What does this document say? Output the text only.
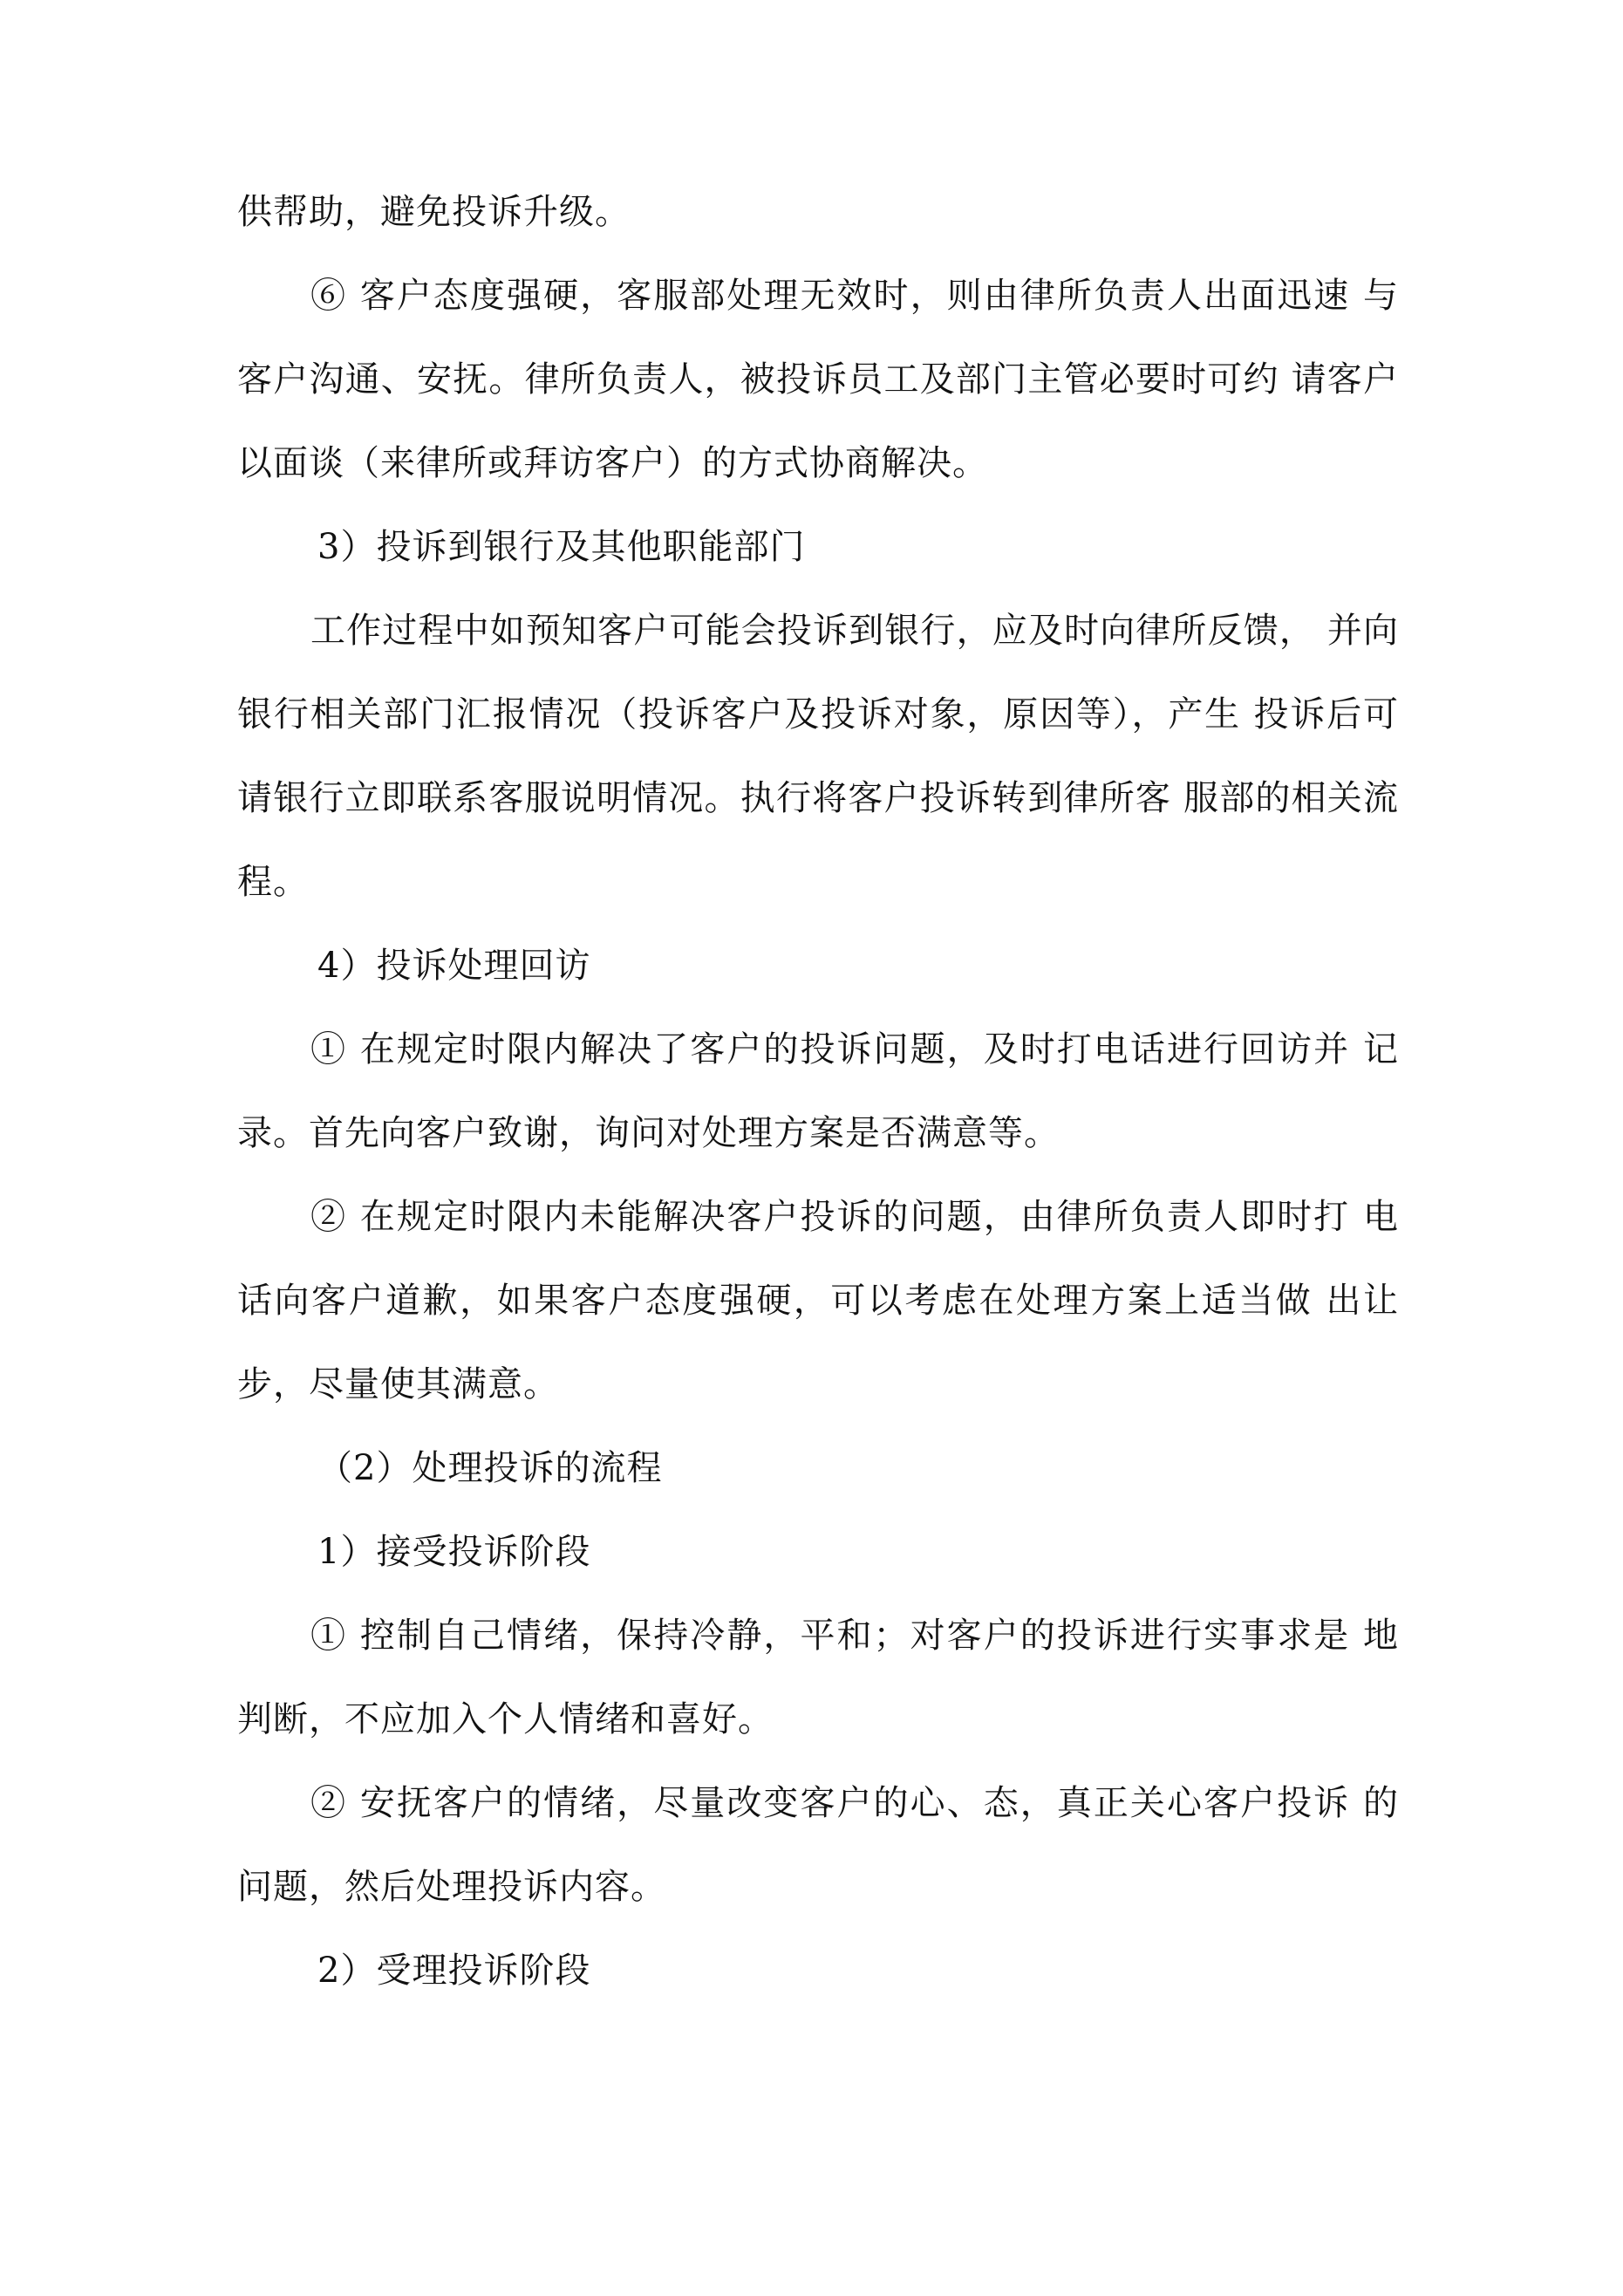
供帮助，避免投诉升级。

⑥ 客户态度强硬，客服部处理无效时，则由律所负责人出面迅速 与客户沟通、安抚。律所负责人，被投诉员工及部门主管必要时可约 请客户以面谈（来律所或拜访客户）的方式协商解决。

3）投诉到银行及其他职能部门

工作过程中如预知客户可能会投诉到银行，应及时向律所反馈， 并向银行相关部门汇报情况（投诉客户及投诉对象，原因等），产生 投诉后可请银行立即联系客服说明情况。执行将客户投诉转到律所客 服部的相关流程。

4）投诉处理回访

① 在规定时限内解决了客户的投诉问题，及时打电话进行回访并 记录。首先向客户致谢，询问对处理方案是否满意等。

② 在规定时限内未能解决客户投诉的问题，由律所负责人即时打 电话向客户道歉，如果客户态度强硬，可以考虑在处理方案上适当做 出让步，尽量使其满意。

（2）处理投诉的流程

1）接受投诉阶段

① 控制自己情绪，保持冷静，平和；对客户的投诉进行实事求是 地判断，不应加入个人情绪和喜好。

② 安抚客户的情绪，尽量改变客户的心、态，真正关心客户投诉 的问题，然后处理投诉内容。

2）受理投诉阶段
